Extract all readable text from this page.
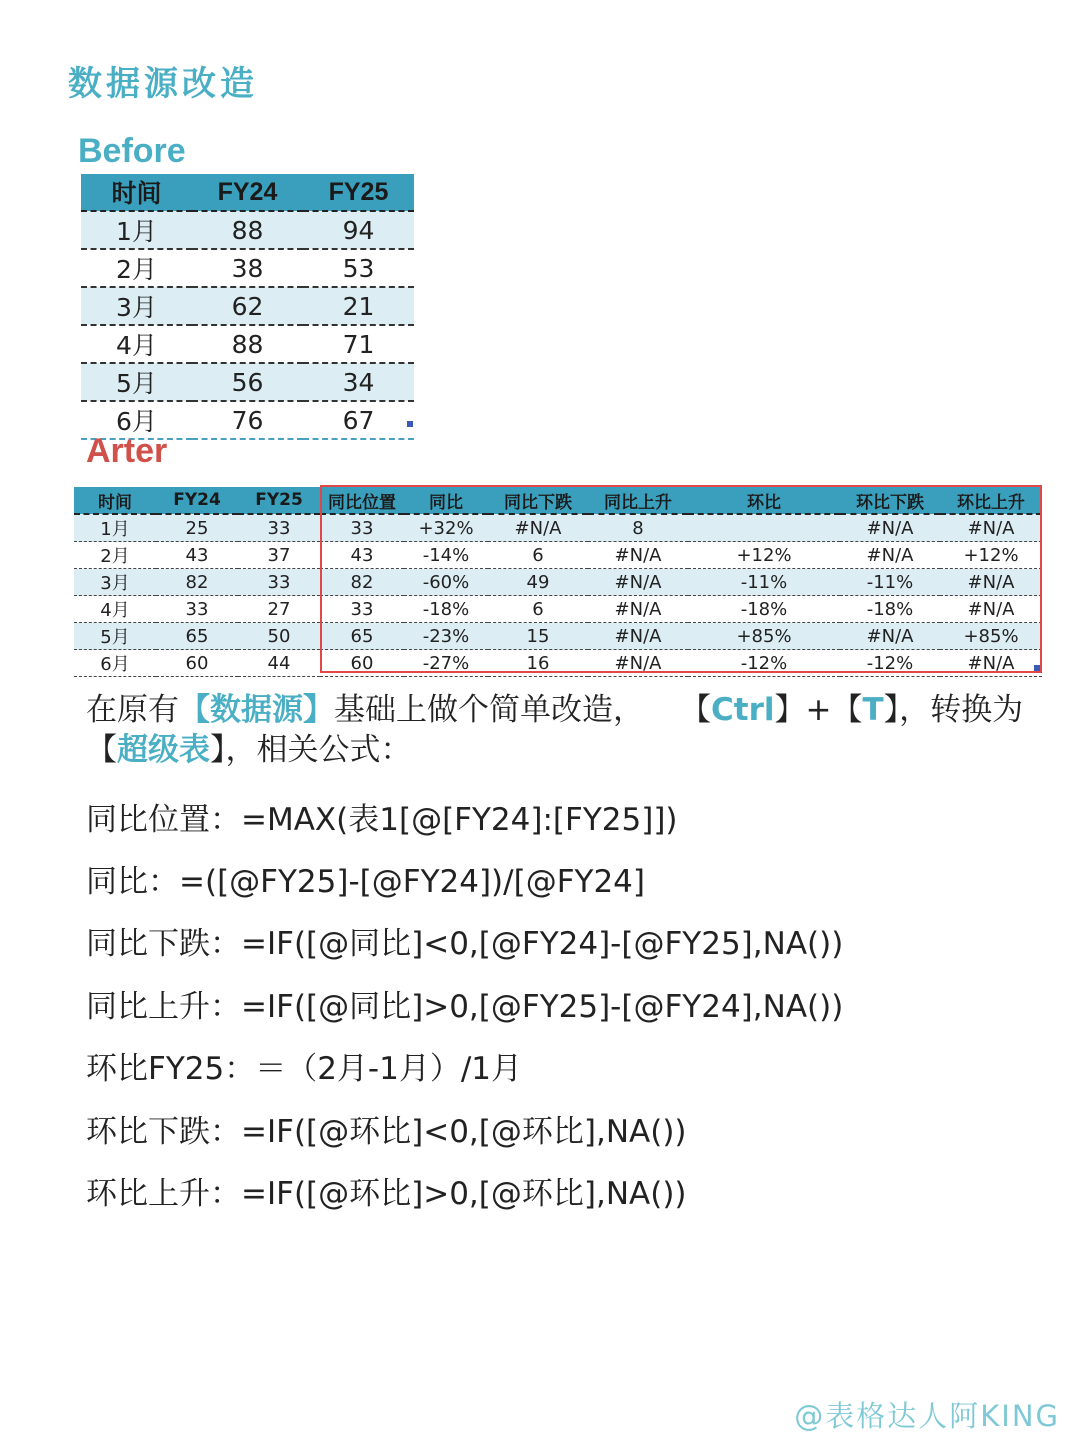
数据源改造
Before
时间	FY24	FY25
1月	88	94
2月	38	53
3月	62	21
4月	88	71
5月	56	34
6月	76	67
Arter
时间	FY24	FY25	同比位置	同比	同比下跌	同比上升	环比	环比下跌	环比上升
1月	25	33	33	+32%	#N/A	8		#N/A	#N/A
2月	43	37	43	-14%	6	#N/A	+12%	#N/A	+12%
3月	82	33	82	-60%	49	#N/A	-11%	-11%	#N/A
4月	33	27	33	-18%	6	#N/A	-18%	-18%	#N/A
5月	65	50	65	-23%	15	#N/A	+85%	#N/A	+85%
6月	60	44	60	-27%	16	#N/A	-12%	-12%	#N/A
在原有【数据源】基础上做个简单改造， 【Ctrl】+【T】，转换为
【超级表】，相关公式：
同比位置：=MAX(表1[@[FY24]:[FY25]])
同比：=([@FY25]-[@FY24])/[@FY24]
同比下跌：=IF([@同比]<0,[@FY24]-[@FY25],NA())
同比上升：=IF([@同比]>0,[@FY25]-[@FY24],NA())
环比FY25：＝（2月-1月）/1月
环比下跌：=IF([@环比]<0,[@环比],NA())
环比上升：=IF([@环比]>0,[@环比],NA())
@表格达人阿KING
